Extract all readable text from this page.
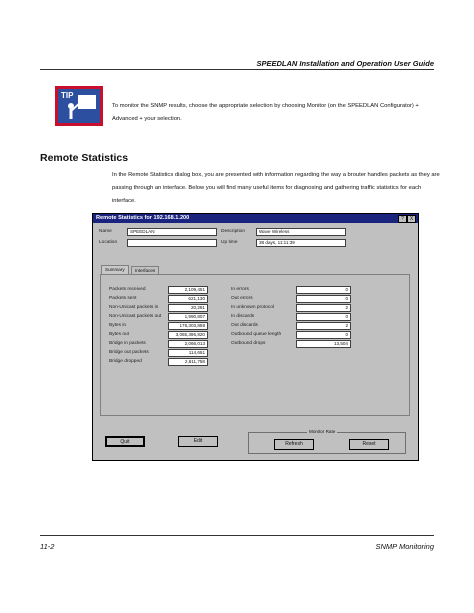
SPEEDLAN Installation and Operation User Guide
TIP
To monitor the SNMP results, choose the appropriate selection by choosing Monitor (on the SPEEDLAN Configurator) + Advanced + your selection.
Remote Statistics
In the Remote Statistics dialog box, you are presented with information regarding the way a brouter handles packets as they are passing through an interface. Below you will find many useful items for diagnosing and gathering traffic statistics for each interface.
Remote Statistics for 192.168.1.200	?	X
Name	SPEEDLAN	Description	Wave Wireless
Location	Up time	38 days, 11:11:39
Summary	Interfaces
Packets received	2,109,451
Packets sent	621,130
Non-Unicast packets in	20,281
Non-Unicast packets out	1,990,807
Bytes in	176,303,858
Bytes out	3,065,396,820
Bridge in packets	2,066,013
Bridge out packets	114,651
Bridge dropped	2,611,758
In errors	0
Out errors	0
In unknown protocol	2
In discards	0
Out discards	2
Outbound queue length	0
Outbound drops	13,504
Quit	Edit
Monitor Rate
Refresh	Reset
11-2	SNMP Monitoring
